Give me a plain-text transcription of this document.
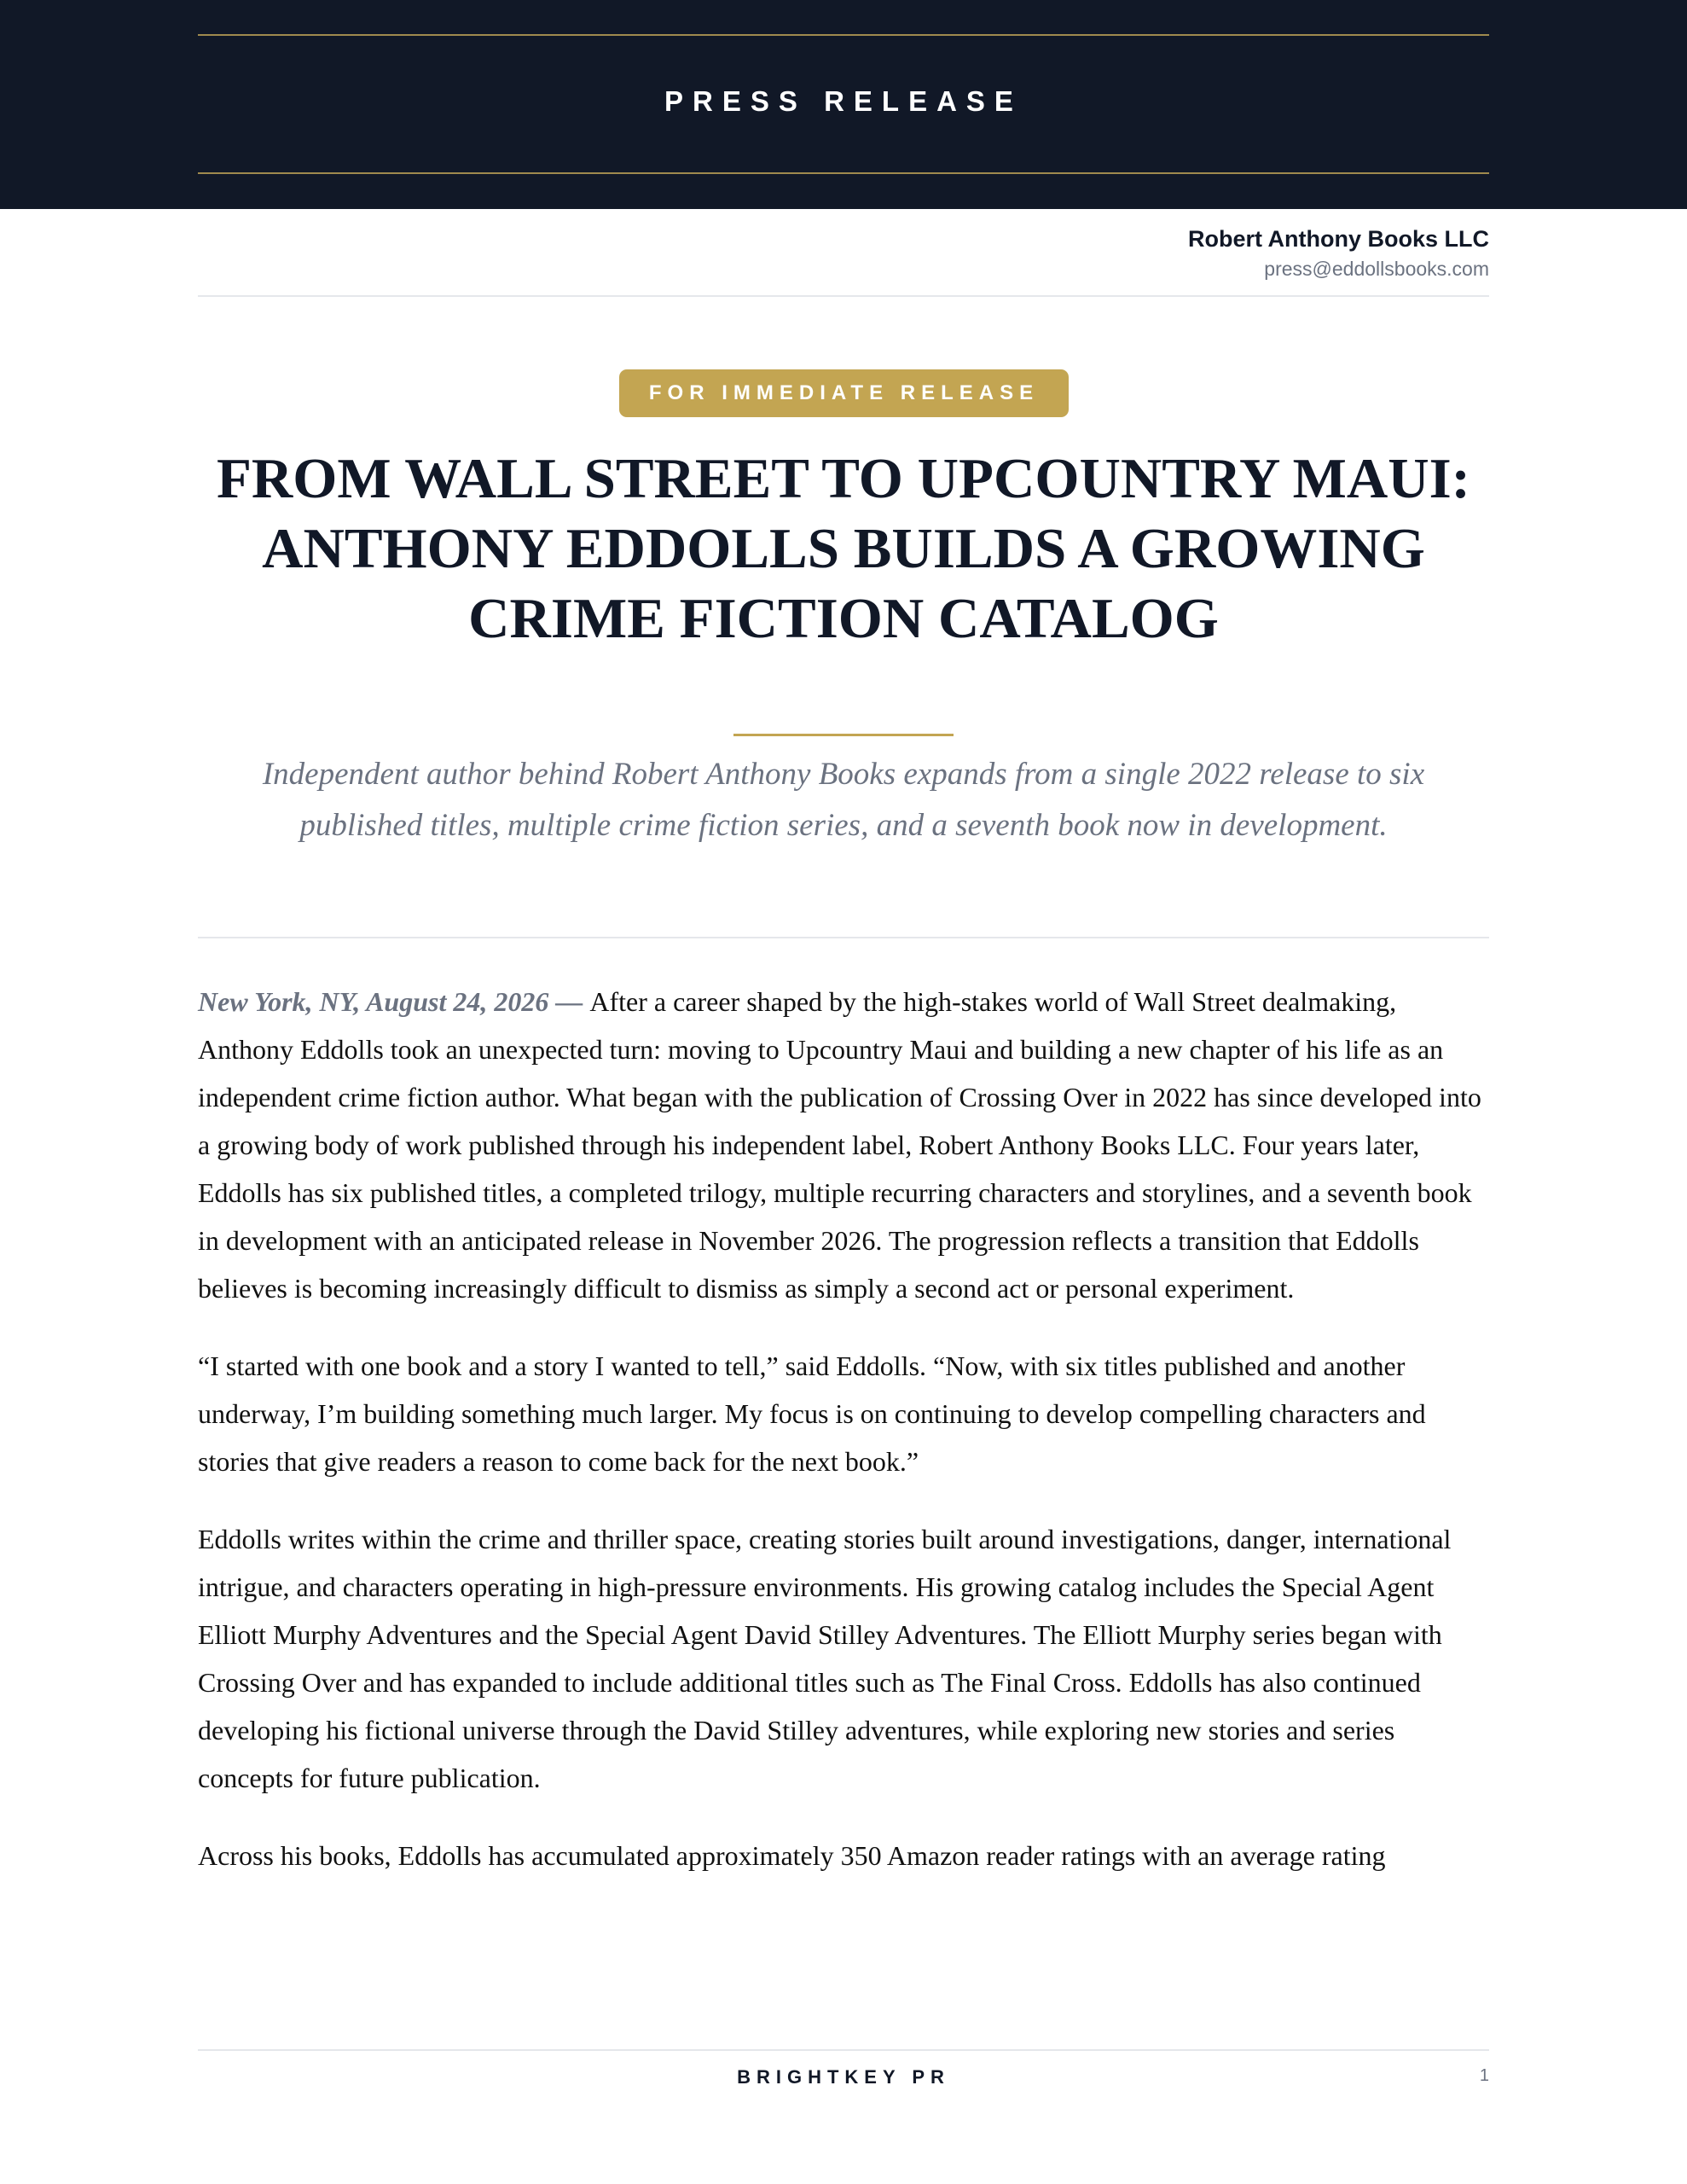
PRESS RELEASE
Robert Anthony Books LLC
press@eddollsbooks.com
FOR IMMEDIATE RELEASE
FROM WALL STREET TO UPCOUNTRY MAUI: ANTHONY EDDOLLS BUILDS A GROWING CRIME FICTION CATALOG

Independent author behind Robert Anthony Books expands from a single 2022 release to six published titles, multiple crime fiction series, and a seventh book now in development.

New York, NY, August 24, 2026 — After a career shaped by the high-stakes world of Wall Street dealmaking, Anthony Eddolls took an unexpected turn: moving to Upcountry Maui and building a new chapter of his life as an independent crime fiction author. What began with the publication of Crossing Over in 2022 has since developed into a growing body of work published through his independent label, Robert Anthony Books LLC. Four years later, Eddolls has six published titles, a completed trilogy, multiple recurring characters and storylines, and a seventh book in development with an anticipated release in November 2026. The progression reflects a transition that Eddolls believes is becoming increasingly difficult to dismiss as simply a second act or personal experiment.

“I started with one book and a story I wanted to tell,” said Eddolls. “Now, with six titles published and another underway, I’m building something much larger. My focus is on continuing to develop compelling characters and stories that give readers a reason to come back for the next book.”

Eddolls writes within the crime and thriller space, creating stories built around investigations, danger, international intrigue, and characters operating in high-pressure environments. His growing catalog includes the Special Agent Elliott Murphy Adventures and the Special Agent David Stilley Adventures. The Elliott Murphy series began with Crossing Over and has expanded to include additional titles such as The Final Cross. Eddolls has also continued developing his fictional universe through the David Stilley adventures, while exploring new stories and series concepts for future publication.

Across his books, Eddolls has accumulated approximately 350 Amazon reader ratings with an average rating

BRIGHTKEY PR	1
